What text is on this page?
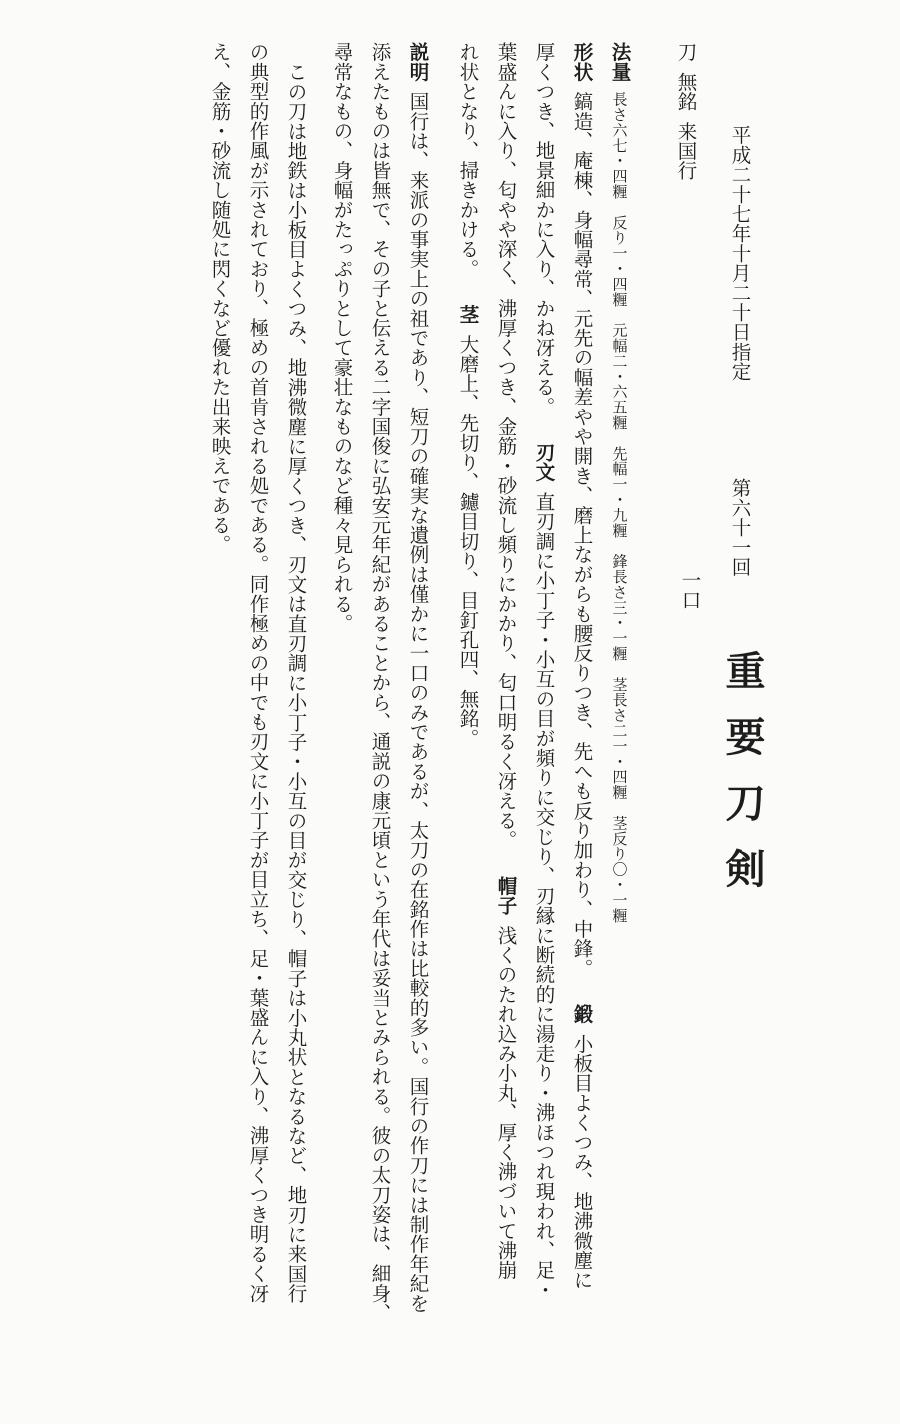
平成二十七年十月二十日指定
第六十一回
一口
重要刀剣
刀無銘来国行
法量長さ六七・四糎　反り一・四糎　元幅二・六五糎　先幅一・九糎　鋒長さ三・一糎　茎長さ二一・四糎　茎反り〇・一糎
形状鎬造、庵棟、身幅尋常、元先の幅差やや開き、磨上ながらも腰反りつき、先へも反り加わり、中鋒。鍛小板目よくつみ、地沸微塵に
厚くつき、地景細かに入り、かね冴える。刃文直刃調に小丁子・小互の目が頻りに交じり、刃縁に断続的に湯走り・沸ほつれ現われ、足・
葉盛んに入り、匂やや深く、沸厚くつき、金筋・砂流し頻りにかかり、匂口明るく冴える。帽子浅くのたれ込み小丸、厚く沸づいて沸崩
れ状となり、掃きかける。茎大磨上、先切り、鑢目切り、目釘孔四、無銘。
説明国行は、来派の事実上の祖であり、短刀の確実な遺例は僅かに一口のみであるが、太刀の在銘作は比較的多い。国行の作刀には制作年紀を
添えたものは皆無で、その子と伝える二字国俊に弘安元年紀があることから、通説の康元頃という年代は妥当とみられる。彼の太刀姿は、細身、
尋常なもの、身幅がたっぷりとして豪壮なものなど種々見られる。
この刀は地鉄は小板目よくつみ、地沸微塵に厚くつき、刃文は直刃調に小丁子・小互の目が交じり、帽子は小丸状となるなど、地刃に来国行
の典型的作風が示されており、極めの首肯される処である。同作極めの中でも刃文に小丁子が目立ち、足・葉盛んに入り、沸厚くつき明るく冴
え、金筋・砂流し随処に閃くなど優れた出来映えである。
